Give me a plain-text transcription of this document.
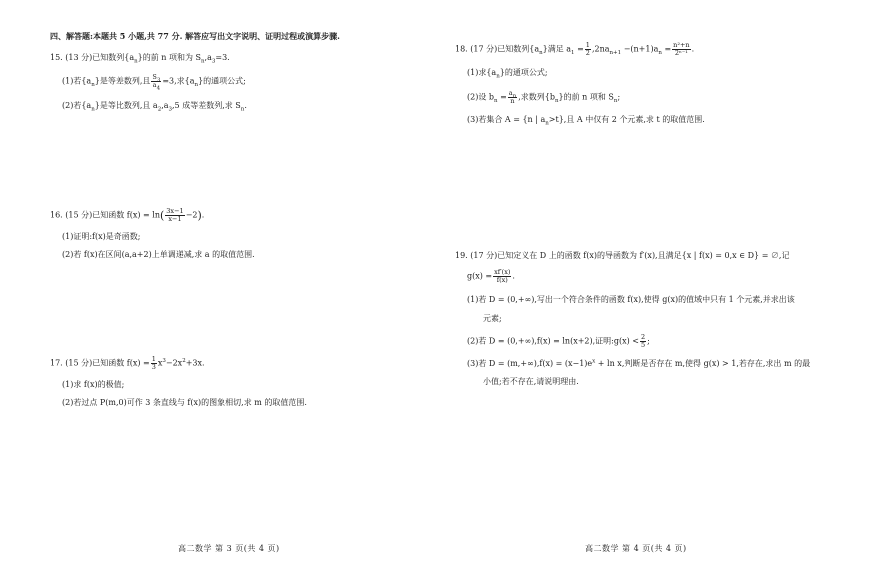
四、解答题:本题共 5 小题,共 77 分. 解答应写出文字说明、证明过程或演算步骤.
15. (13 分)已知数列$\{a_n\}$的前 n 项和为 $S_n,a_3=3$.
(1)若$\{a_n\}$是等差数列,且 $\frac{S_3}{a_4} =3$,求$\{a_n\}$的通项公式;
(2)若$\{a_n\}$是等比数列,且 $a_2,a_3,5$ 成等差数列,求 $S_n$.
16. (15 分)已知函数 $f(x) = \ln( \frac{3x-1}{x-1} -2)$.
(1)证明:f(x)是奇函数;
(2)若 f(x)在区间(a,a+2)上单调递减,求 a 的取值范围.
17. (15 分)已知函数 $f(x) = \frac{1}{3} x^3-2x^2+3x$.
(1)求 f(x)的极值;
(2)若过点 P(m,0)可作 3 条直线与 f(x)的图象相切,求 m 的取值范围.
高二数学 第 3 页(共 4 页)
18. (17 分)已知数列$\{a_n\}$满足 $a_1 = \frac{1}{2} ,2na_{n+1} -(n+1)a_n = \frac{\text{n²+n}}{\text{2ⁿ⁻¹}}$ .
(1)求$\{a_n\}$的通项公式;
(2)设 $b_n = \frac{a_n}{n}$ ,求数列$\{b_n\}$的前 n 项和 $S_n$;
(3)若集合 A = {n | $a_n>t$},且 A 中仅有 2 个元素,求 t 的取值范围.
19. (17 分)已知定义在 D 上的函数 f(x)的导函数为 f′(x),且满足{x | f(x) = 0,x ∈ D} = ∅,记
$g(x) = \frac{xf'(x)}{f(x)}$ .
(1)若 D = (0,+∞),写出一个符合条件的函数 f(x),使得 g(x)的值域中只有 1 个元素,并求出该
元素;
(2)若 D = (0,+∞),f(x) = ln(x+2),证明:g(x) < $\frac{2}{5}$ ;
(3)若 $D = (m,+\infty),f(x) = (x-1)e^x + \ln x$,判断是否存在 m,使得 g(x) > 1,若存在,求出 m 的最
小值;若不存在,请说明理由.
高二数学 第 4 页(共 4 页)
